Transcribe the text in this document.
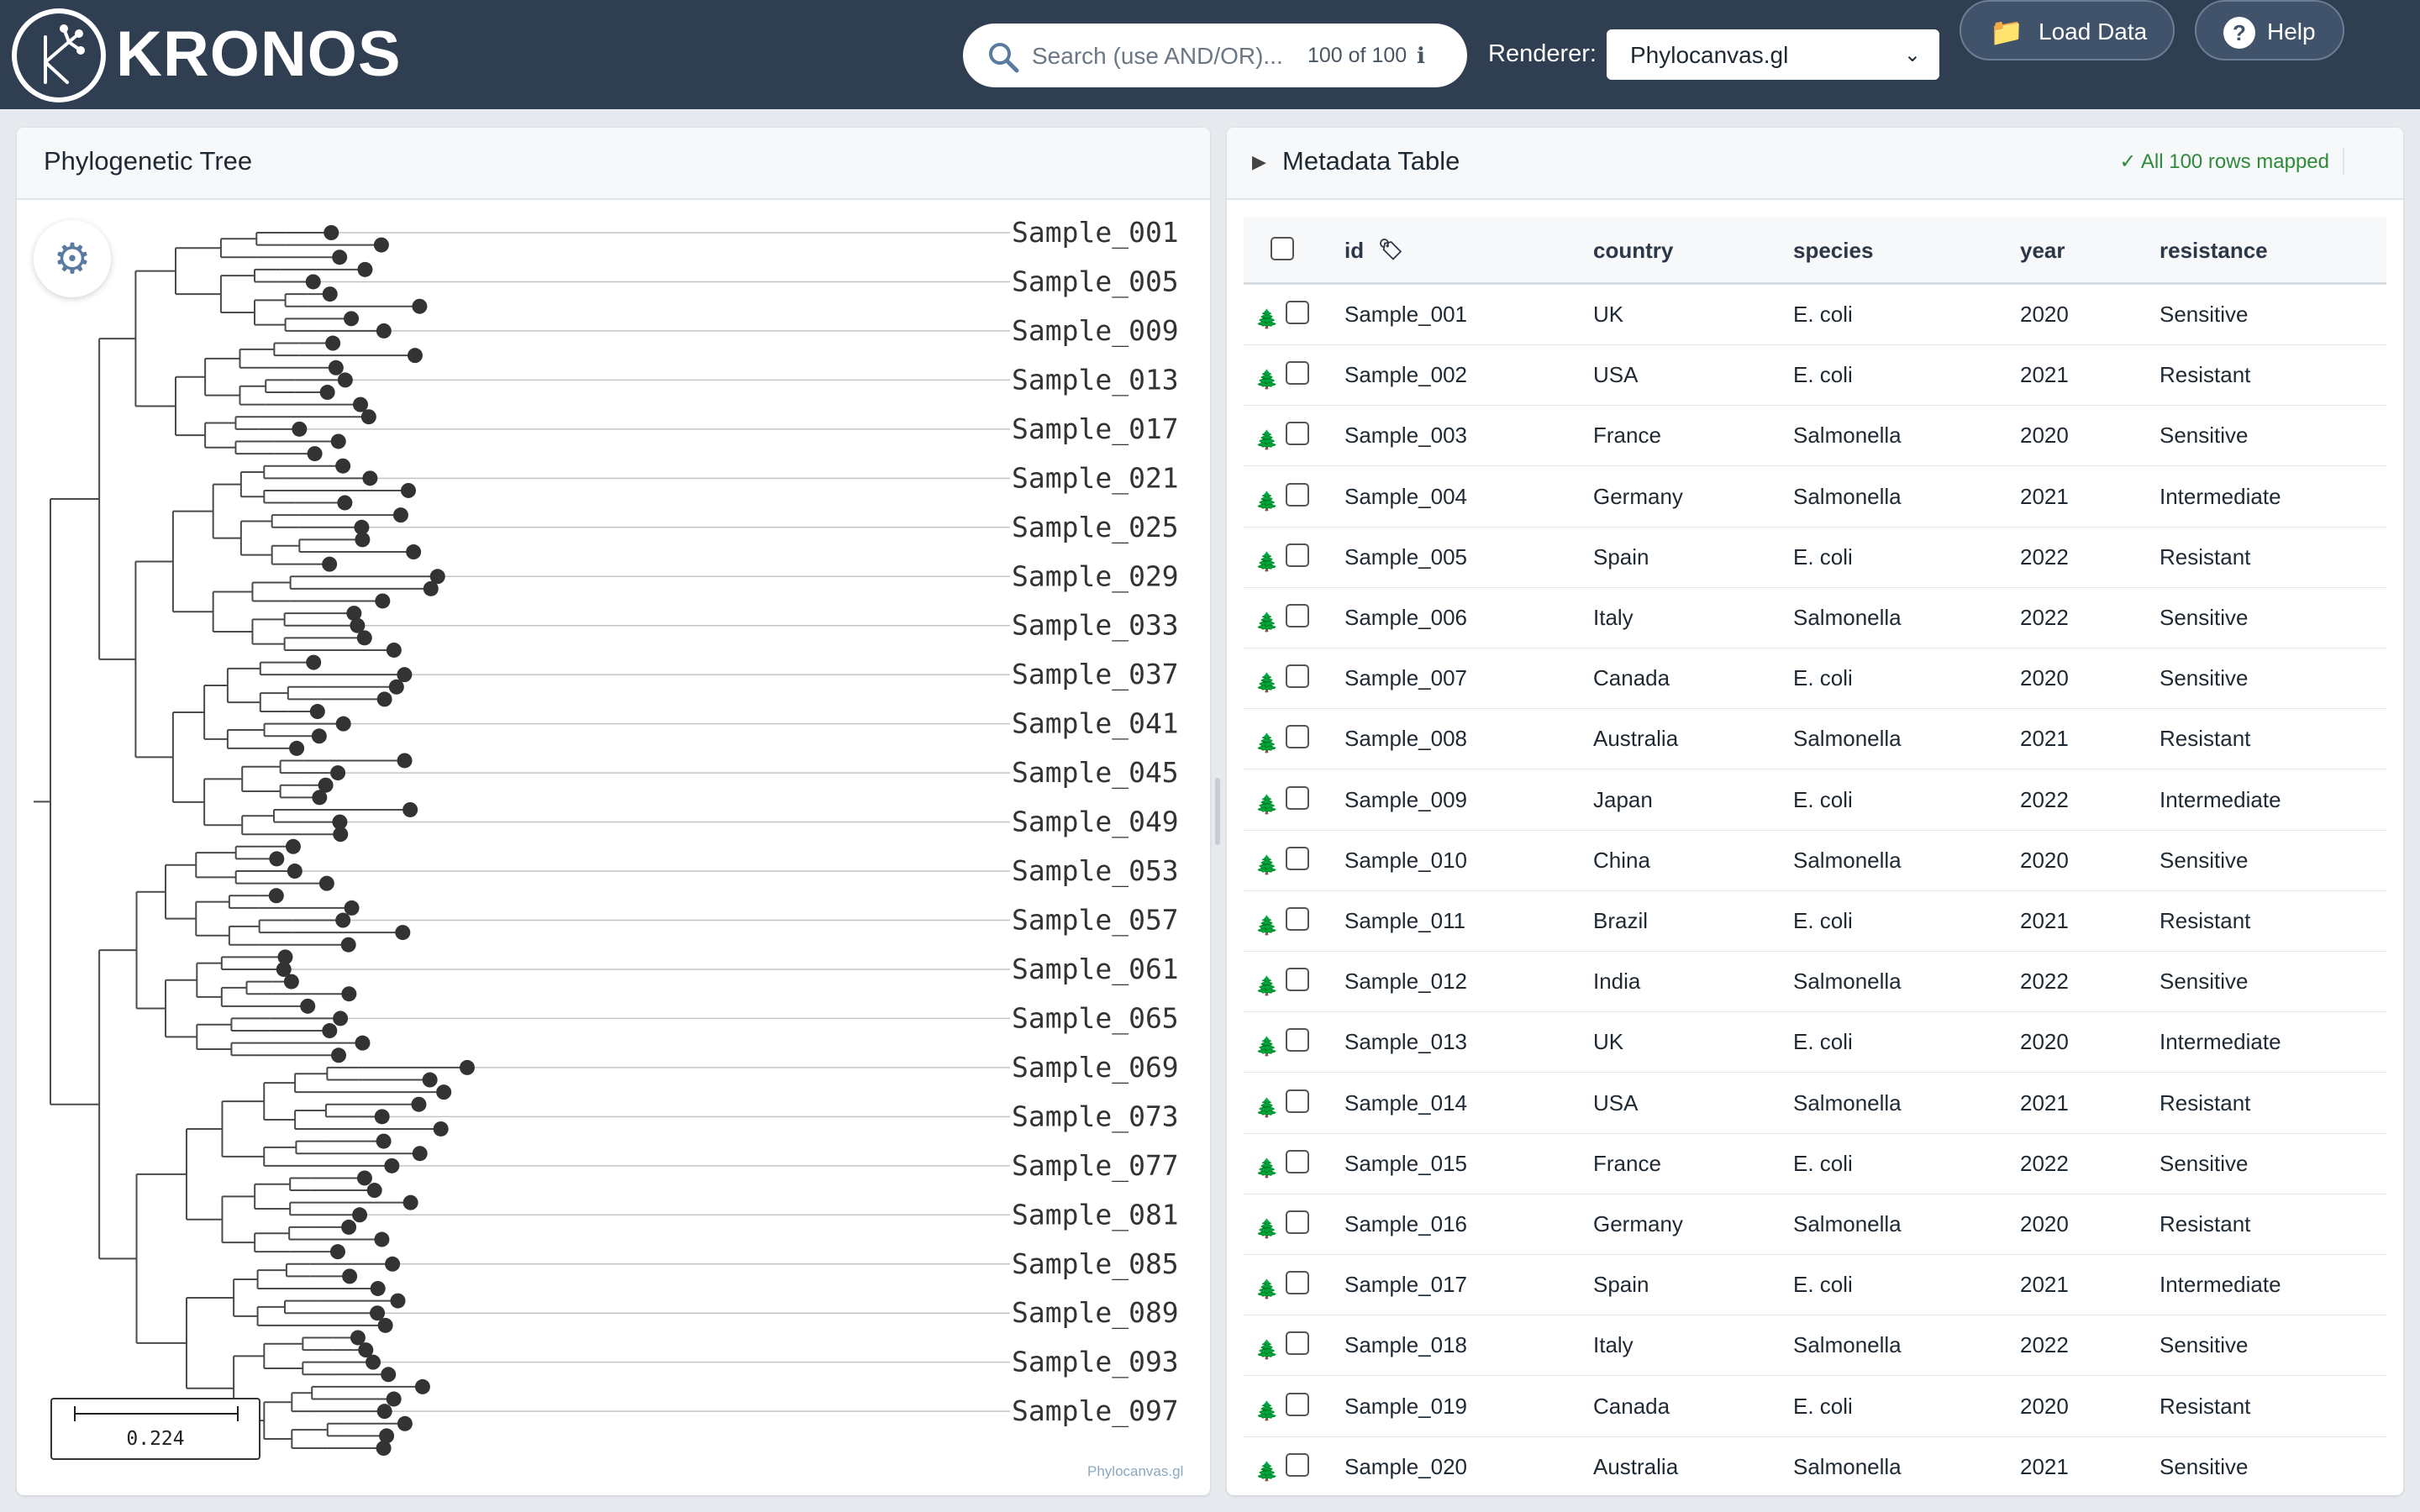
KRONOS
Search (use AND/OR)...	100 of 100 ℹ	Renderer: Phylocanvas.gl	⌄
📁 Load Data	? Help
Phylogenetic Tree
Sample_001
Sample_005
Sample_009
Sample_013
Sample_017
Sample_021
Sample_025
Sample_029
Sample_033
Sample_037
Sample_041
Sample_045
Sample_049
Sample_053
Sample_057
Sample_061
Sample_065
Sample_069
Sample_073
Sample_077
Sample_081
Sample_085
Sample_089
Sample_093
Sample_097
⚙
0.224
Phylocanvas.gl
▶ Metadata Table	✓ All 100 rows mapped
id 🏷	country	species	year	resistance
🌲	Sample_001	UK	E. coli	2020	Sensitive
🌲	Sample_002	USA	E. coli	2021	Resistant
🌲	Sample_003	France	Salmonella	2020	Sensitive
🌲	Sample_004	Germany	Salmonella	2021	Intermediate
🌲	Sample_005	Spain	E. coli	2022	Resistant
🌲	Sample_006	Italy	Salmonella	2022	Sensitive
🌲	Sample_007	Canada	E. coli	2020	Sensitive
🌲	Sample_008	Australia	Salmonella	2021	Resistant
🌲	Sample_009	Japan	E. coli	2022	Intermediate
🌲	Sample_010	China	Salmonella	2020	Sensitive
🌲	Sample_011	Brazil	E. coli	2021	Resistant
🌲	Sample_012	India	Salmonella	2022	Sensitive
🌲	Sample_013	UK	E. coli	2020	Intermediate
🌲	Sample_014	USA	Salmonella	2021	Resistant
🌲	Sample_015	France	E. coli	2022	Sensitive
🌲	Sample_016	Germany	Salmonella	2020	Resistant
🌲	Sample_017	Spain	E. coli	2021	Intermediate
🌲	Sample_018	Italy	Salmonella	2022	Sensitive
🌲	Sample_019	Canada	E. coli	2020	Resistant
🌲	Sample_020	Australia	Salmonella	2021	Sensitive
